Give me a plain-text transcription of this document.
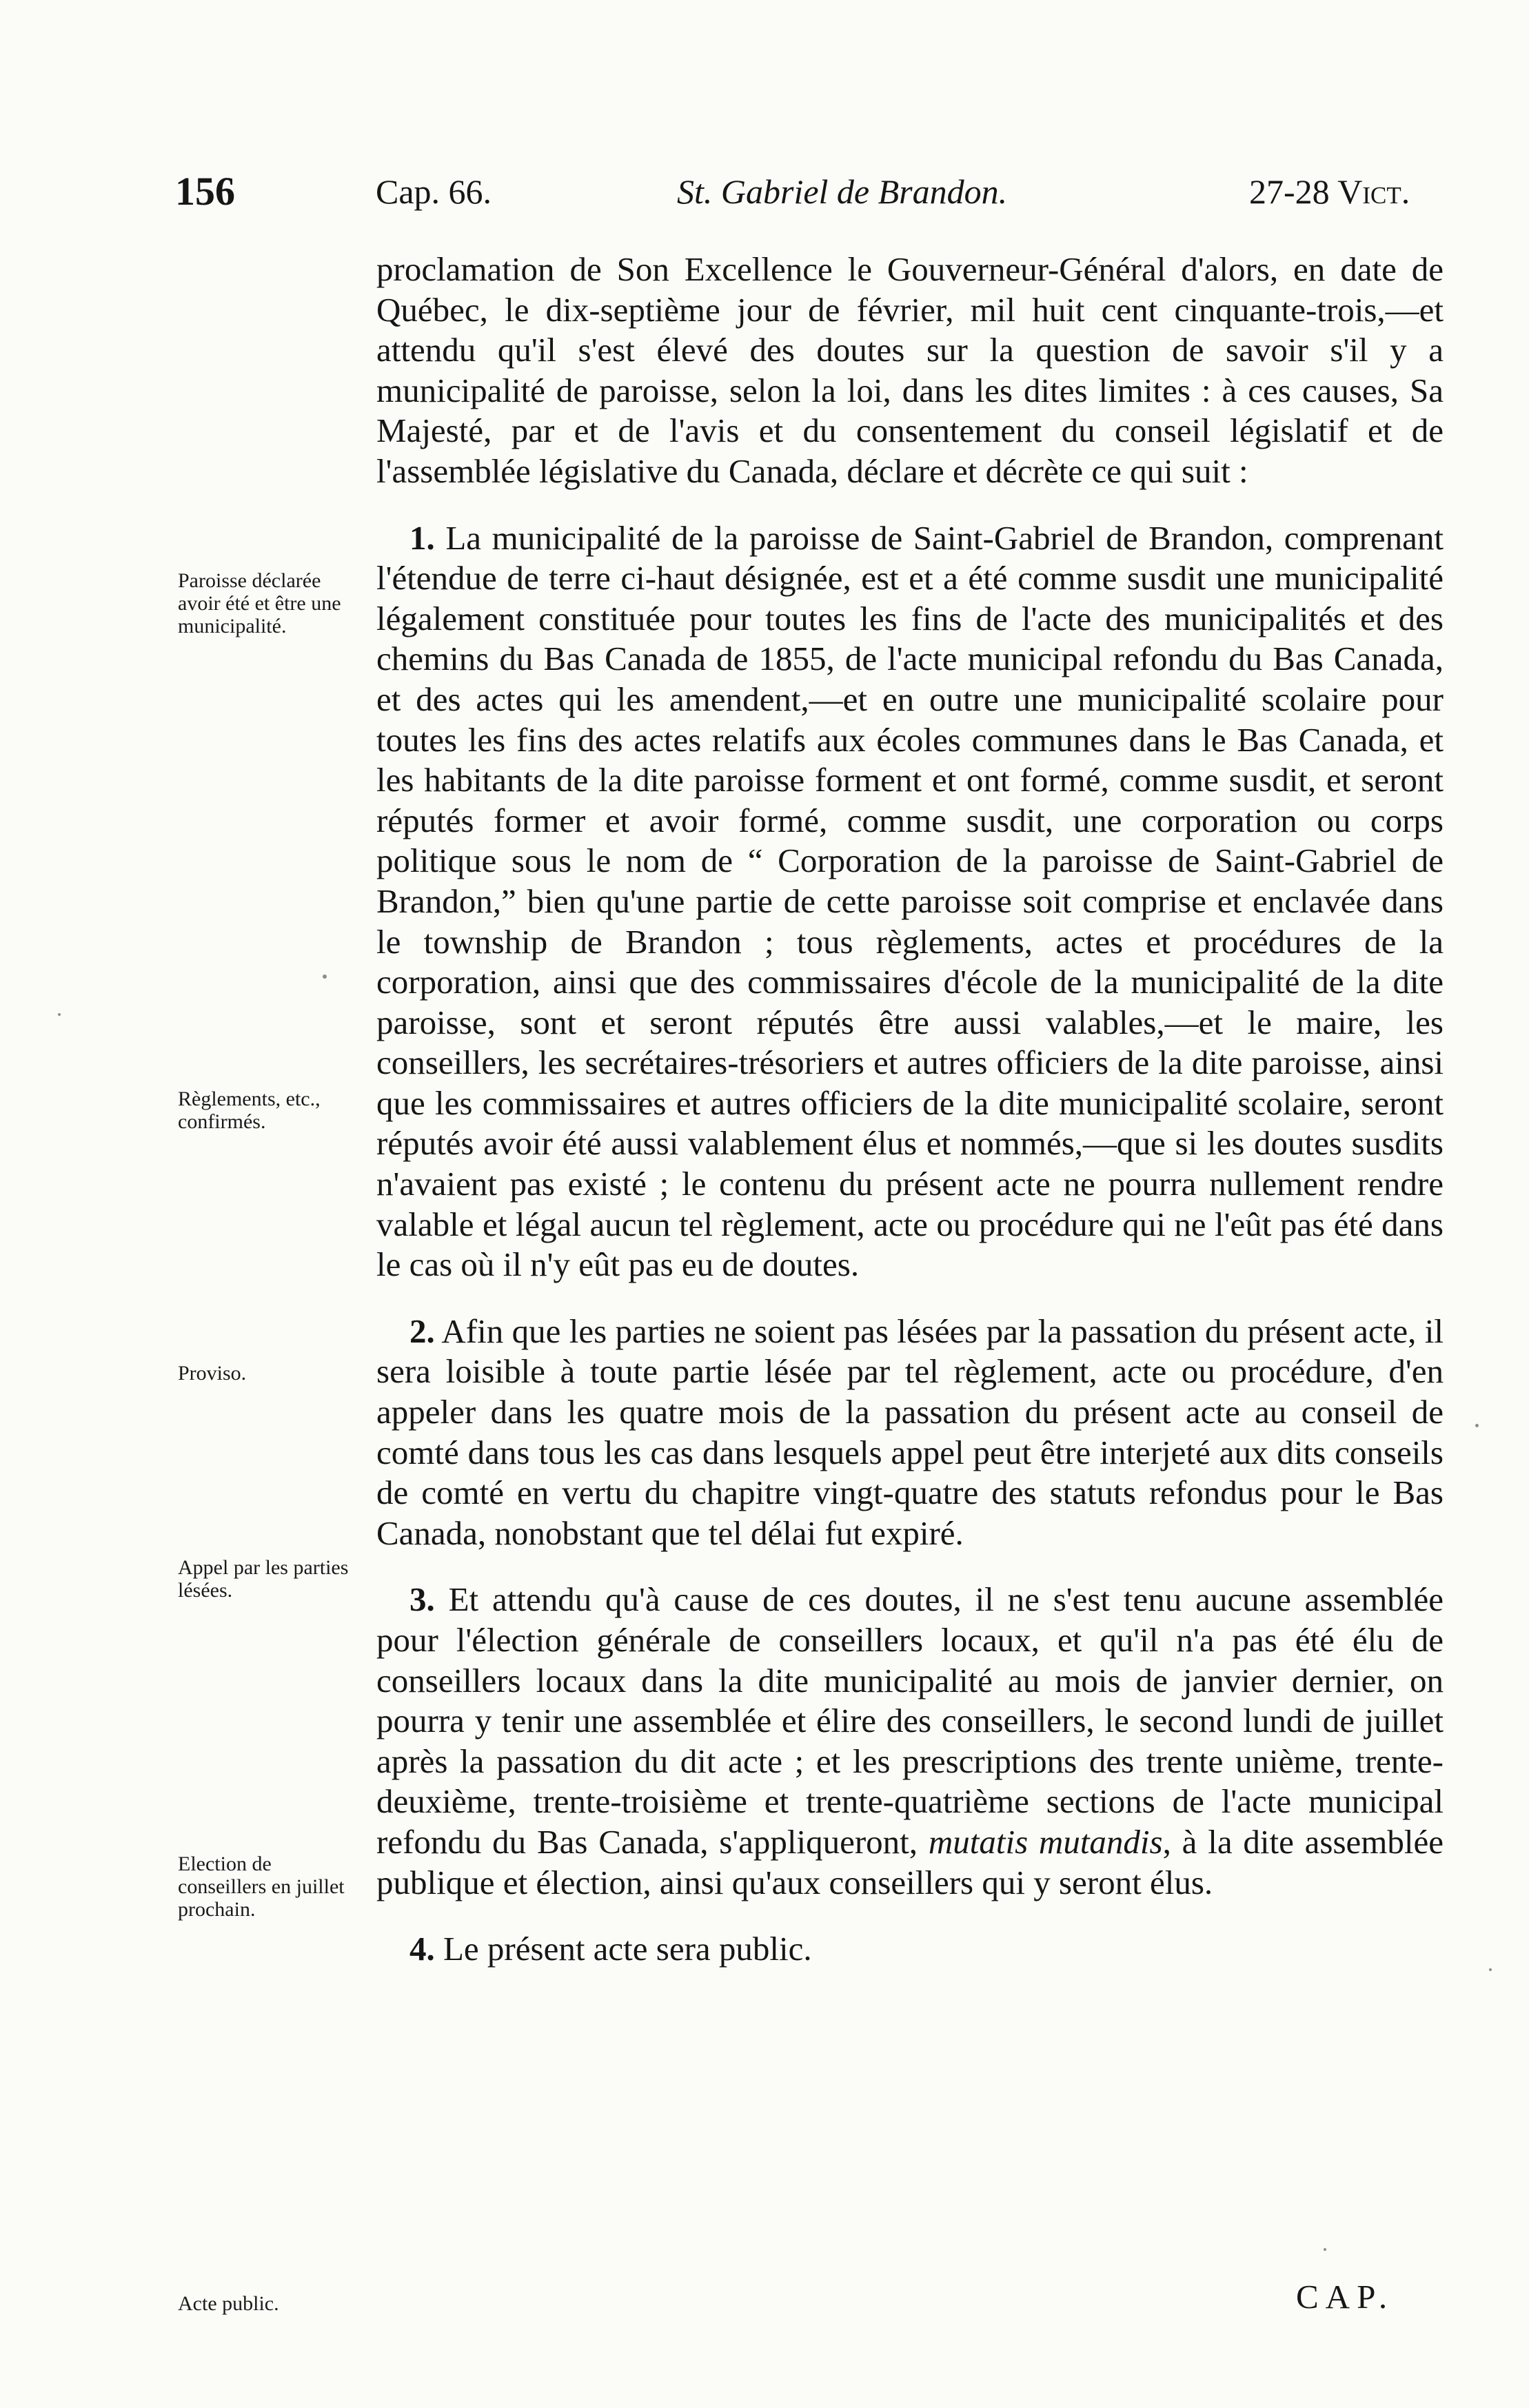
156	Cap. 66.	St. Gabriel de Brandon.	27-28 Vict.

proclamation de Son Excellence le Gouverneur-Général d'alors, en date de Québec, le dix-septième jour de février, mil huit cent cinquante-trois,—et attendu qu'il s'est élevé des doutes sur la question de savoir s'il y a municipalité de paroisse, selon la loi, dans les dites limites : à ces causes, Sa Majesté, par et de l'avis et du consentement du conseil législatif et de l'assemblée législative du Canada, déclare et décrète ce qui suit :

1. La municipalité de la paroisse de Saint-Gabriel de Brandon, comprenant l'étendue de terre ci-haut désignée, est et a été comme susdit une municipalité légalement constituée pour toutes les fins de l'acte des municipalités et des chemins du Bas Canada de 1855, de l'acte municipal refondu du Bas Canada, et des actes qui les amendent,—et en outre une municipalité scolaire pour toutes les fins des actes relatifs aux écoles communes dans le Bas Canada, et les habitants de la dite paroisse forment et ont formé, comme susdit, et seront réputés former et avoir formé, comme susdit, une corporation ou corps politique sous le nom de “ Corporation de la paroisse de Saint-Gabriel de Brandon,” bien qu'une partie de cette paroisse soit comprise et enclavée dans le township de Brandon ; tous règlements, actes et procédures de la corporation, ainsi que des commissaires d'école de la municipalité de la dite paroisse, sont et seront réputés être aussi valables,—et le maire, les conseillers, les secrétaires-trésoriers et autres officiers de la dite paroisse, ainsi que les commissaires et autres officiers de la dite municipalité scolaire, seront réputés avoir été aussi valablement élus et nommés,—que si les doutes susdits n'avaient pas existé ; le contenu du présent acte ne pourra nullement rendre valable et légal aucun tel règlement, acte ou procédure qui ne l'eût pas été dans le cas où il n'y eût pas eu de doutes.

2. Afin que les parties ne soient pas lésées par la passation du présent acte, il sera loisible à toute partie lésée par tel règlement, acte ou procédure, d'en appeler dans les quatre mois de la passation du présent acte au conseil de comté dans tous les cas dans lesquels appel peut être interjeté aux dits conseils de comté en vertu du chapitre vingt-quatre des statuts refondus pour le Bas Canada, nonobstant que tel délai fut expiré.

3. Et attendu qu'à cause de ces doutes, il ne s'est tenu aucune assemblée pour l'élection générale de conseillers locaux, et qu'il n'a pas été élu de conseillers locaux dans la dite municipalité au mois de janvier dernier, on pourra y tenir une assemblée et élire des conseillers, le second lundi de juillet après la passation du dit acte ; et les prescriptions des trente unième, trente-deuxième, trente-troisième et trente-quatrième sections de l'acte municipal refondu du Bas Canada, s'appliqueront, mutatis mutandis, à la dite assemblée publique et élection, ainsi qu'aux conseillers qui y seront élus.

4. Le présent acte sera public.

Paroisse déclarée avoir été et être une municipalité.
Règlements, etc., confirmés.
Proviso.
Appel par les parties lésées.
Election de conseillers en juillet prochain.
Acte public.	CAP.
